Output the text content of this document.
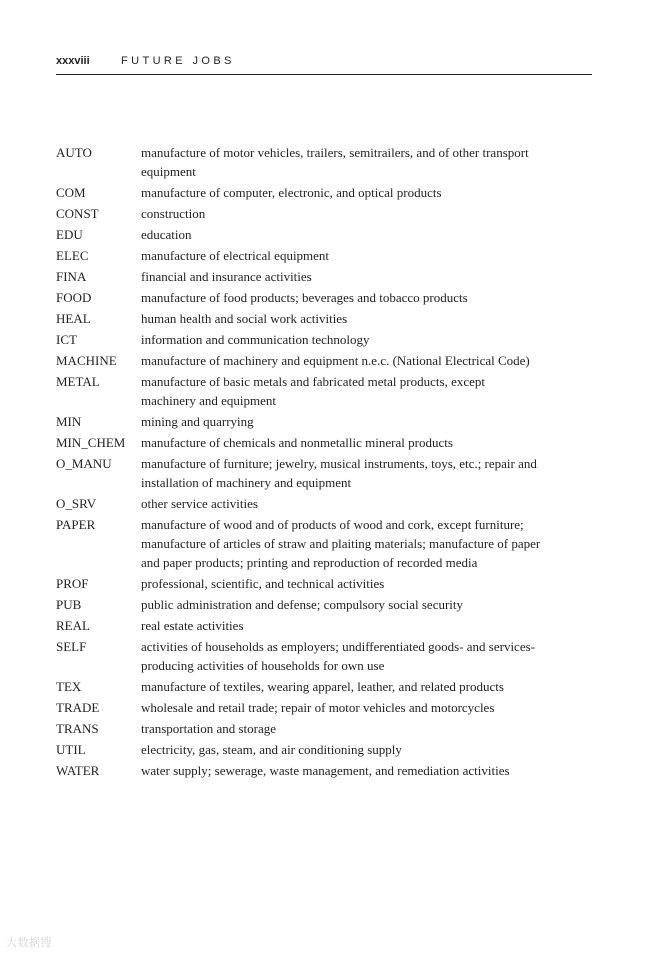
xxxviii	FUTURE JOBS
AUTO	manufacture of motor vehicles, trailers, semitrailers, and of other transport equipment
COM	manufacture of computer, electronic, and optical products
CONST	construction
EDU	education
ELEC	manufacture of electrical equipment
FINA	financial and insurance activities
FOOD	manufacture of food products; beverages and tobacco products
HEAL	human health and social work activities
ICT	information and communication technology
MACHINE	manufacture of machinery and equipment n.e.c. (National Electrical Code)
METAL	manufacture of basic metals and fabricated metal products, except machinery and equipment
MIN	mining and quarrying
MIN_CHEM	manufacture of chemicals and nonmetallic mineral products
O_MANU	manufacture of furniture; jewelry, musical instruments, toys, etc.; repair and installation of machinery and equipment
O_SRV	other service activities
PAPER	manufacture of wood and of products of wood and cork, except furniture; manufacture of articles of straw and plaiting materials; manufacture of paper and paper products; printing and reproduction of recorded media
PROF	professional, scientific, and technical activities
PUB	public administration and defense; compulsory social security
REAL	real estate activities
SELF	activities of households as employers; undifferentiated goods- and services-producing activities of households for own use
TEX	manufacture of textiles, wearing apparel, leather, and related products
TRADE	wholesale and retail trade; repair of motor vehicles and motorcycles
TRANS	transportation and storage
UTIL	electricity, gas, steam, and air conditioning supply
WATER	water supply; sewerage, waste management, and remediation activities
大数据搜
